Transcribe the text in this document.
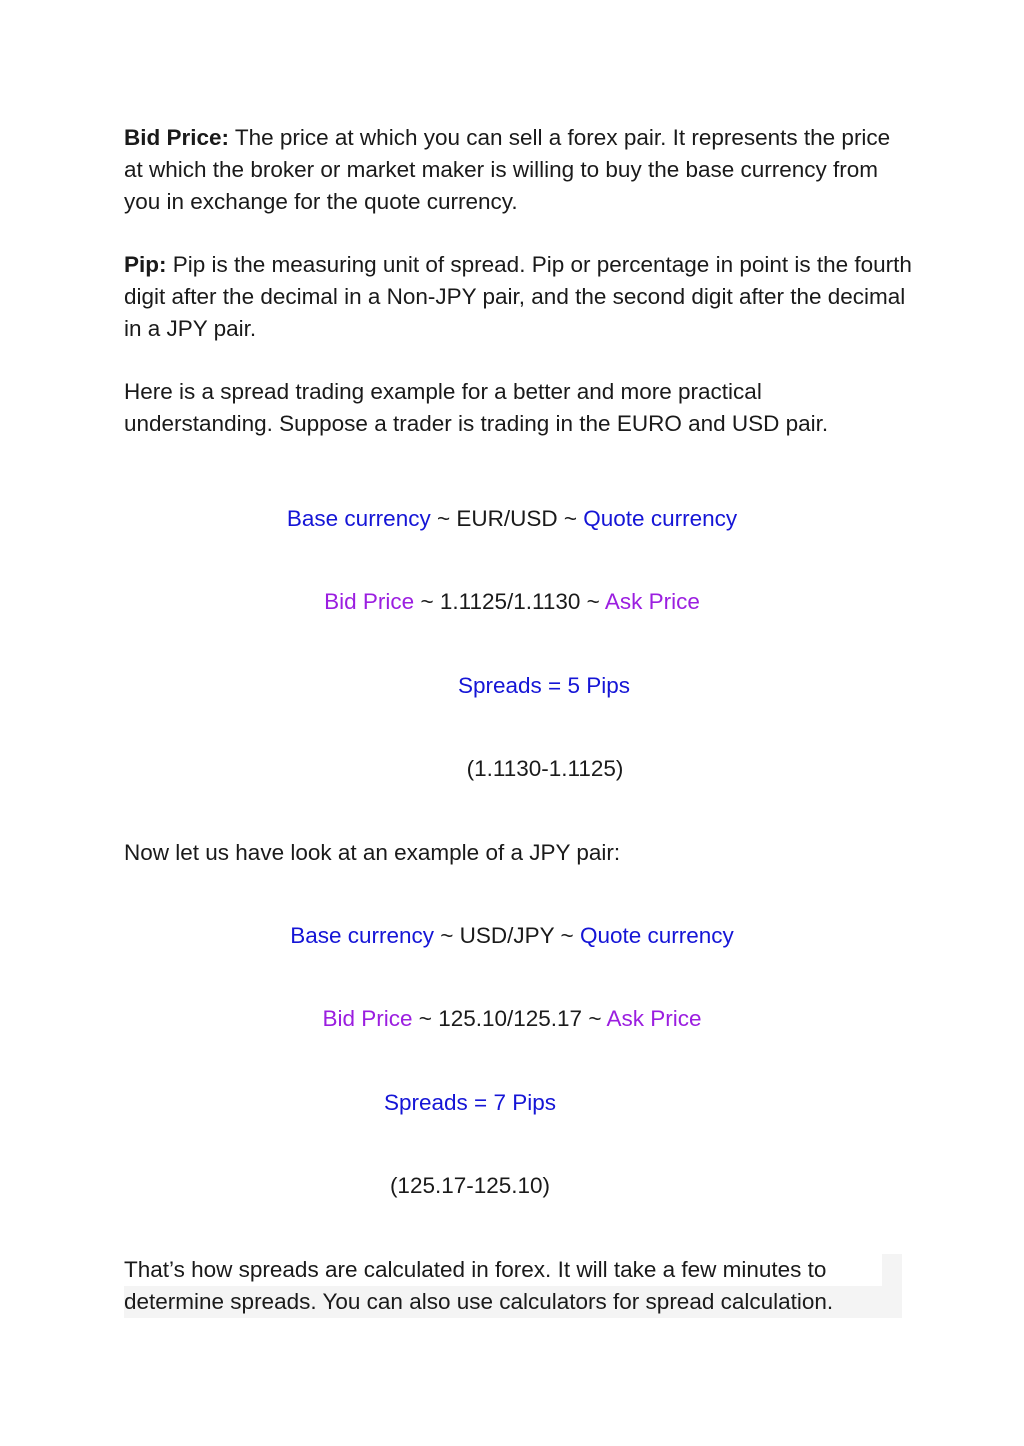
Bid Price: The price at which you can sell a forex pair. It represents the price at which the broker or market maker is willing to buy the base currency from you in exchange for the quote currency.

Pip: Pip is the measuring unit of spread. Pip or percentage in point is the fourth digit after the decimal in a Non-JPY pair, and the second digit after the decimal in a JPY pair.

Here is a spread trading example for a better and more practical understanding. Suppose a trader is trading in the EURO and USD pair.

Base currency ~ EUR/USD ~ Quote currency
Bid Price ~ 1.1125/1.1130 ~ Ask Price
Spreads = 5 Pips
(1.1130-1.1125)

Now let us have look at an example of a JPY pair:

Base currency ~ USD/JPY ~ Quote currency
Bid Price ~ 125.10/125.17 ~ Ask Price
Spreads = 7 Pips
(125.17-125.10)
That’s how spreads are calculated in forex. It will take a few minutes to
determine spreads. You can also use calculators for spread calculation.
